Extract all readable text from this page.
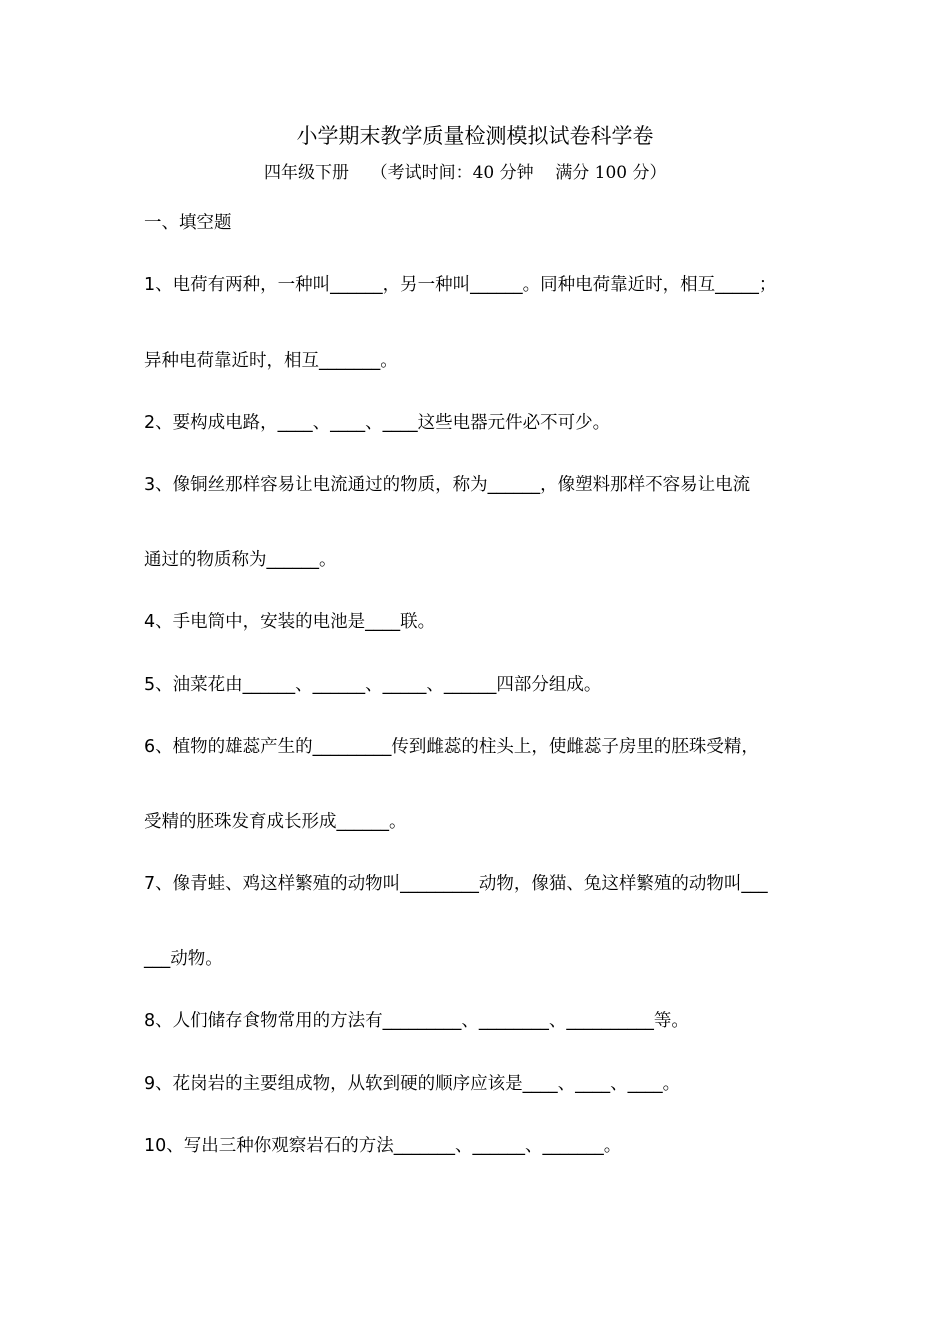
小学期末教学质量检测模拟试卷科学卷
四年级下册    （考试时间：40 分钟    满分 100 分）
一、填空题
1、电荷有两种，一种叫______，另一种叫______。同种电荷靠近时，相互_____；
异种电荷靠近时，相互_______。
2、要构成电路，____、____、____这些电器元件必不可少。
3、像铜丝那样容易让电流通过的物质，称为______，像塑料那样不容易让电流
通过的物质称为______。
4、手电筒中，安装的电池是____联。
5、油菜花由______、______、_____、______四部分组成。
6、植物的雄蕊产生的_________传到雌蕊的柱头上，使雌蕊子房里的胚珠受精，
受精的胚珠发育成长形成______。
7、像青蛙、鸡这样繁殖的动物叫_________动物，像猫、兔这样繁殖的动物叫___
___动物。
8、人们储存食物常用的方法有_________、________、__________等。
9、花岗岩的主要组成物，从软到硬的顺序应该是____、____、____。
10、写出三种你观察岩石的方法_______、______、_______。
